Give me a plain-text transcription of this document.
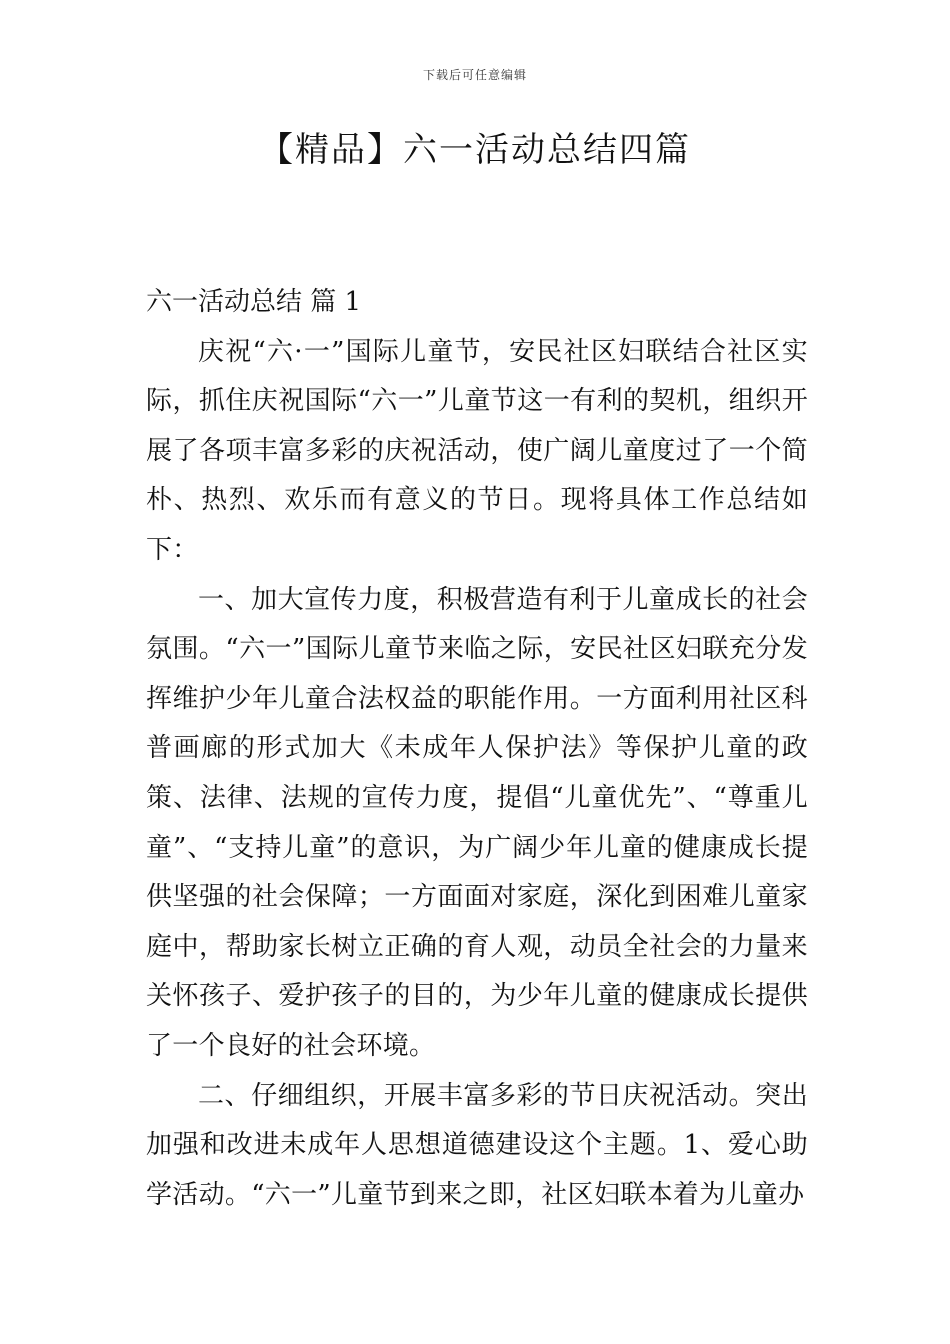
下载后可任意编辑
【精品】六一活动总结四篇

六一活动总结 篇 1

庆祝“六·一”国际儿童节，安民社区妇联结合社区实际，抓住庆祝国际“六一”儿童节这一有利的契机，组织开展了各项丰富多彩的庆祝活动，使广阔儿童度过了一个简朴、热烈、欢乐而有意义的节日。现将具体工作总结如下：

一、加大宣传力度，积极营造有利于儿童成长的社会氛围。“六一”国际儿童节来临之际，安民社区妇联充分发挥维护少年儿童合法权益的职能作用。一方面利用社区科普画廊的形式加大《未成年人保护法》等保护儿童的政策、法律、法规的宣传力度，提倡“儿童优先”、“尊重儿童”、“支持儿童”的意识，为广阔少年儿童的健康成长提供坚强的社会保障；一方面面对家庭，深化到困难儿童家庭中，帮助家长树立正确的育人观，动员全社会的力量来关怀孩子、爱护孩子的目的，为少年儿童的健康成长提供了一个良好的社会环境。

二、仔细组织，开展丰富多彩的节日庆祝活动。突出加强和改进未成年人思想道德建设这个主题。1、爱心助学活动。“六一”儿童节到来之即，社区妇联本着为儿童办
